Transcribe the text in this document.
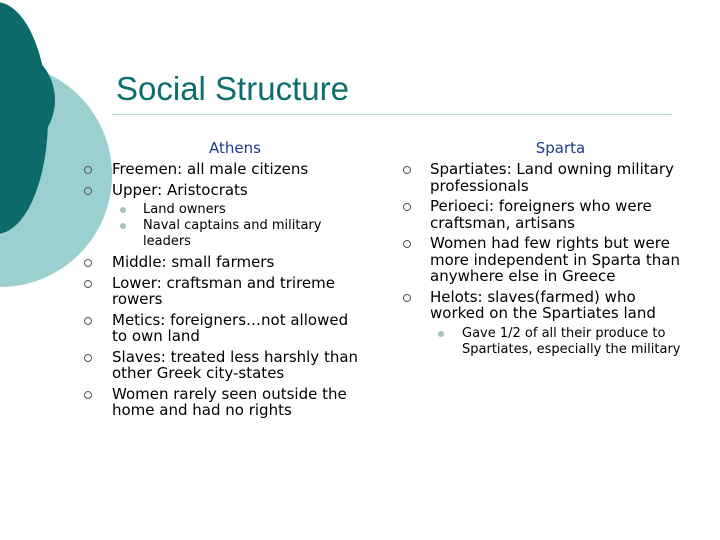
Social Structure
Athens
Freemen: all male citizens
Upper: Aristocrats
Land owners
Naval captains and military leaders
Middle: small farmers
Lower: craftsman and trireme rowers
Metics: foreigners…not allowed to own land
Slaves: treated less harshly than other Greek city-states
Women rarely seen outside the home and had no rights
Sparta
Spartiates: Land owning military professionals
Perioeci: foreigners who were craftsman, artisans
Women had few rights but were more independent in Sparta than anywhere else in Greece
Helots: slaves(farmed) who worked on the Spartiates land
Gave 1/2 of all their produce to Spartiates, especially the military
